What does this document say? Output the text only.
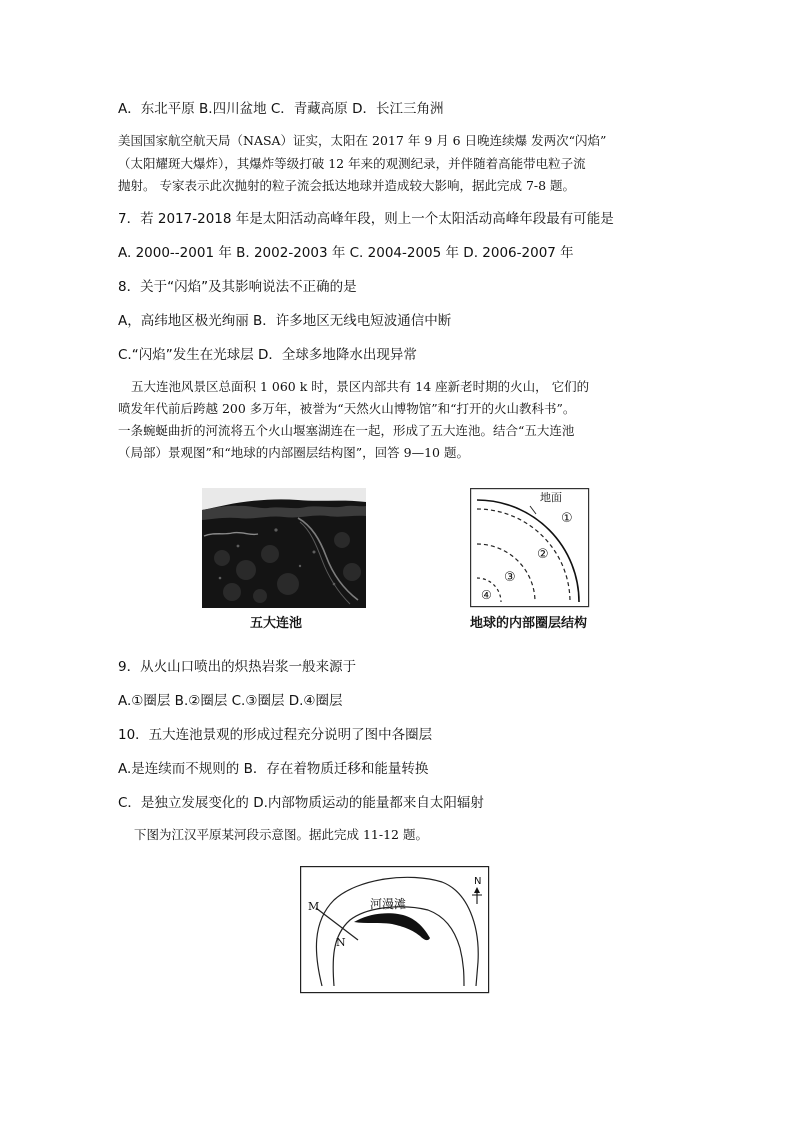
A．东北平原 B.四川盆地 C．青藏高原 D．长江三角洲
美国国家航空航天局（NASA）证实，太阳在 2017 年 9 月 6 日晚连续爆 发两次“闪焰”
（太阳耀斑大爆炸），其爆炸等级打破 12 年来的观测纪录，并伴随着高能带电粒子流
抛射。 专家表示此次抛射的粒子流会抵达地球并造成较大影响，据此完成 7-8 题。
7．若 2017-2018 年是太阳活动高峰年段，则上一个太阳活动高峰年段最有可能是
A. 2000--2001 年 B. 2002-2003 年 C. 2004-2005 年 D. 2006-2007 年
8．关于“闪焰”及其影响说法不正确的是
A，高纬地区极光绚丽 B．许多地区无线电短波通信中断
C.“闪焰”发生在光球层 D．全球多地降水出现异常
五大连池风景区总面积 1 060 k 时，景区内部共有 14 座新老时期的火山， 它们的
喷发年代前后跨越 200 多万年，被誉为“天然火山博物馆”和“打开的火山教科书”。
一条蜿蜒曲折的河流将五个火山堰塞湖连在一起，形成了五大连池。结合“五大连池
（局部）景观图”和“地球的内部圈层结构图”，回答 9—10 题。
五大连池
地面
①
②
③
④
地球的内部圈层结构
9．从火山口喷出的炽热岩浆一般来源于
A.①圈层 B.②圈层 C.③圈层 D.④圈层
10．五大连池景观的形成过程充分说明了图中各圈层
A.是连续而不规则的 B．存在着物质迁移和能量转换
C．是独立发展变化的 D.内部物质运动的能量都来自太阳辐射
下图为江汉平原某河段示意图。据此完成 11-12 题。
M
N
河漫滩
N
